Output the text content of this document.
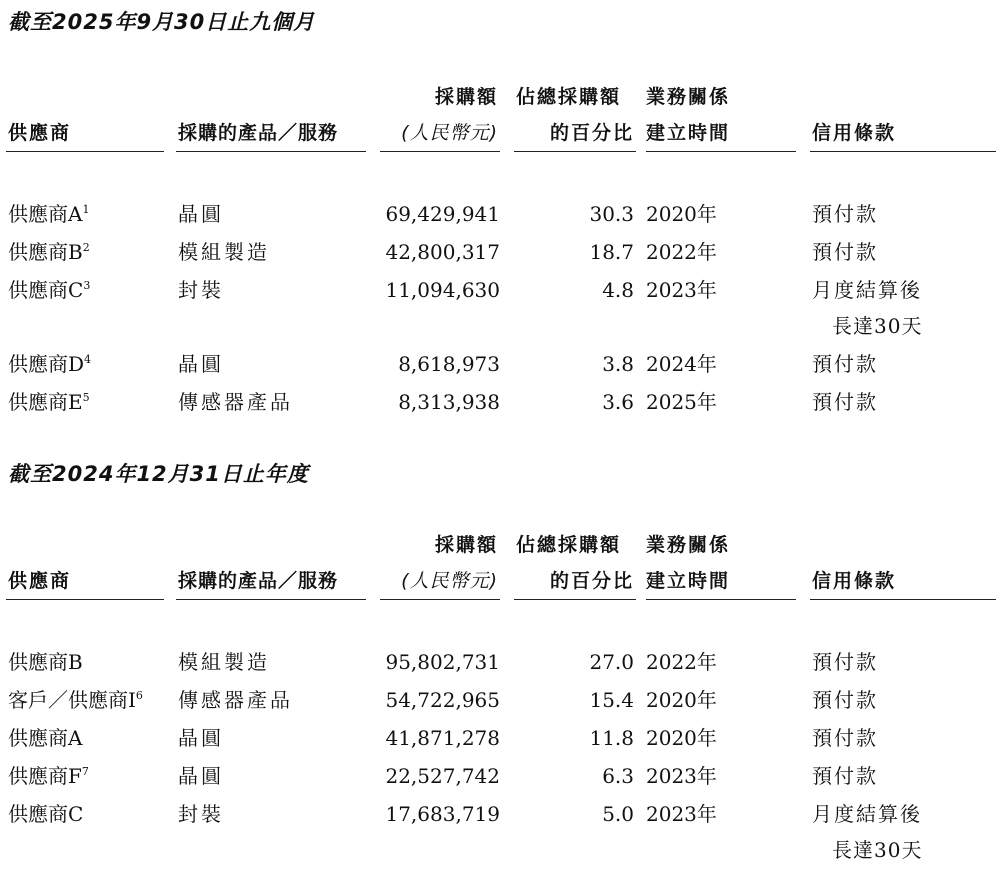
截至2025年9月30日止九個月
採購額 佔總採購額 業務關係
供應商	採購的產品／服務	(人民幣元)	的百分比 建立時間	信用條款
供應商$A^1$	晶圓	69,429,941	30.3 2020年	預付款
供應商$B^2$	模組製造	42,800,317	18.7 2022年	預付款
供應商$C^3$	封裝	11,094,630	4.8 2023年	月度結算後
長達30天
供應商$D^4$	晶圓	8,618,973	3.8 2024年	預付款
供應商$E^5$	傳感器產品	8,313,938	3.6 2025年	預付款
截至2024年12月31日止年度
採購額 佔總採購額 業務關係
供應商	採購的產品／服務	(人民幣元)	的百分比 建立時間	信用條款
供應商B	模組製造	95,802,731	27.0 2022年	預付款
客戶／供應商$I^6$ 傳感器產品	54,722,965	15.4 2020年	預付款
供應商A	晶圓	41,871,278	11.8 2020年	預付款
供應商$F^7$	晶圓	22,527,742	6.3 2023年	預付款
供應商C	封裝	17,683,719	5.0 2023年	月度結算後
長達30天
